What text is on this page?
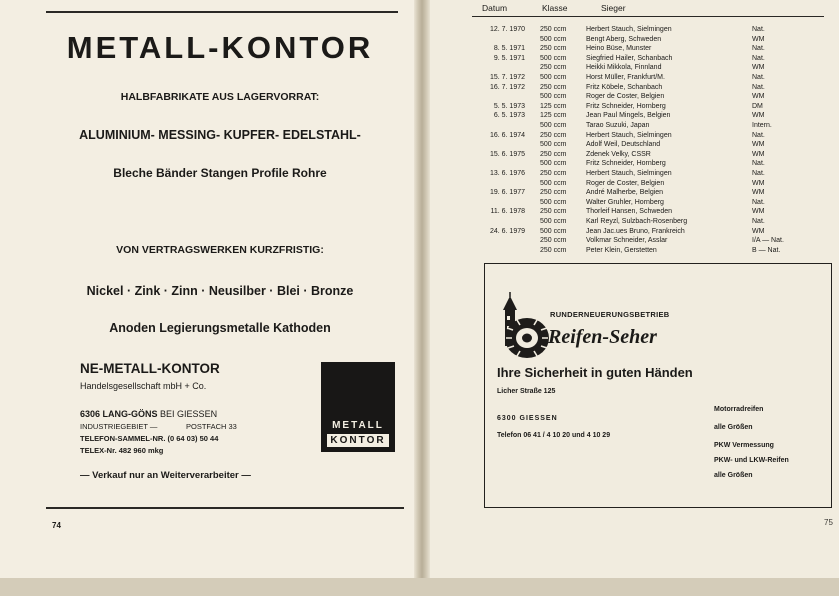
METALL-KONTOR
HALBFABRIKATE AUS LAGERVORRAT:
ALUMINIUM- MESSING- KUPFER- EDELSTAHL-
Bleche Bänder Stangen Profile Rohre
VON VERTRAGSWERKEN KURZFRISTIG:
Nickel · Zink · Zinn · Neusilber · Blei · Bronze
Anoden Legierungsmetalle Kathoden
NE-METALL-KONTOR
Handelsgesellschaft mbH + Co.
6306 LANG-GÖNS BEI GIESSEN
INDUSTRIEGEBIET —	POSTFACH 33
TELEFON-SAMMEL-NR. (0 64 03) 50 44
TELEX-Nr. 482 960 mkg
— Verkauf nur an Weiterverarbeiter —
METALL
KONTOR
74
Datum	Klasse	Sieger
12. 7. 1970 250 ccm	Herbert Stauch, Sielmingen	Nat.
500 ccm	Bengt Aberg, Schweden	WM
8. 5. 1971 250 ccm	Heino Büse, Munster	Nat.
9. 5. 1971 500 ccm	Siegfried Hailer, Schanbach	Nat.
250 ccm	Heikki Mikkola, Finnland	WM
15. 7. 1972 500 ccm	Horst Müller, Frankfurt/M.	Nat.
16. 7. 1972 250 ccm	Fritz Köbele, Schanbach	Nat.
500 ccm	Roger de Coster, Belgien	WM
5. 5. 1973 125 ccm	Fritz Schneider, Hornberg	DM
6. 5. 1973 125 ccm	Jean Paul Mingels, Belgien	WM
500 ccm	Tarao Suzuki, Japan	Intern.
16. 6. 1974 250 ccm	Herbert Stauch, Sielmingen	Nat.
500 ccm	Adolf Weil, Deutschland	WM
15. 6. 1975 250 ccm	Zdenek Velky, CSSR	WM
500 ccm	Fritz Schneider, Hornberg	Nat.
13. 6. 1976 250 ccm	Herbert Stauch, Sielmingen	Nat.
500 ccm	Roger de Coster, Belgien	WM
19. 6. 1977 250 ccm	André Malherbe, Belgien	WM
500 ccm	Walter Gruhler, Hornberg	Nat.
11. 6. 1978 250 ccm	Thorleif Hansen, Schweden	WM
500 ccm	Karl Reyzl, Sulzbach-Rosenberg	Nat.
24. 6. 1979 500 ccm	Jean Jac.ues Bruno, Frankreich	WM
250 ccm	Volkmar Schneider, Asslar	I/A — Nat.
250 ccm	Peter Klein, Gerstetten	B — Nat.
RUNDERNEUERUNGSBETRIEB
Reifen-Seher
Ihre Sicherheit in guten Händen
Licher Straße 125
6300 GIESSEN
Telefon 06 41 / 4 10 20 und 4 10 29
Motorradreifen
alle Größen
PKW Vermessung
PKW- und LKW-Reifen
alle Größen
75
